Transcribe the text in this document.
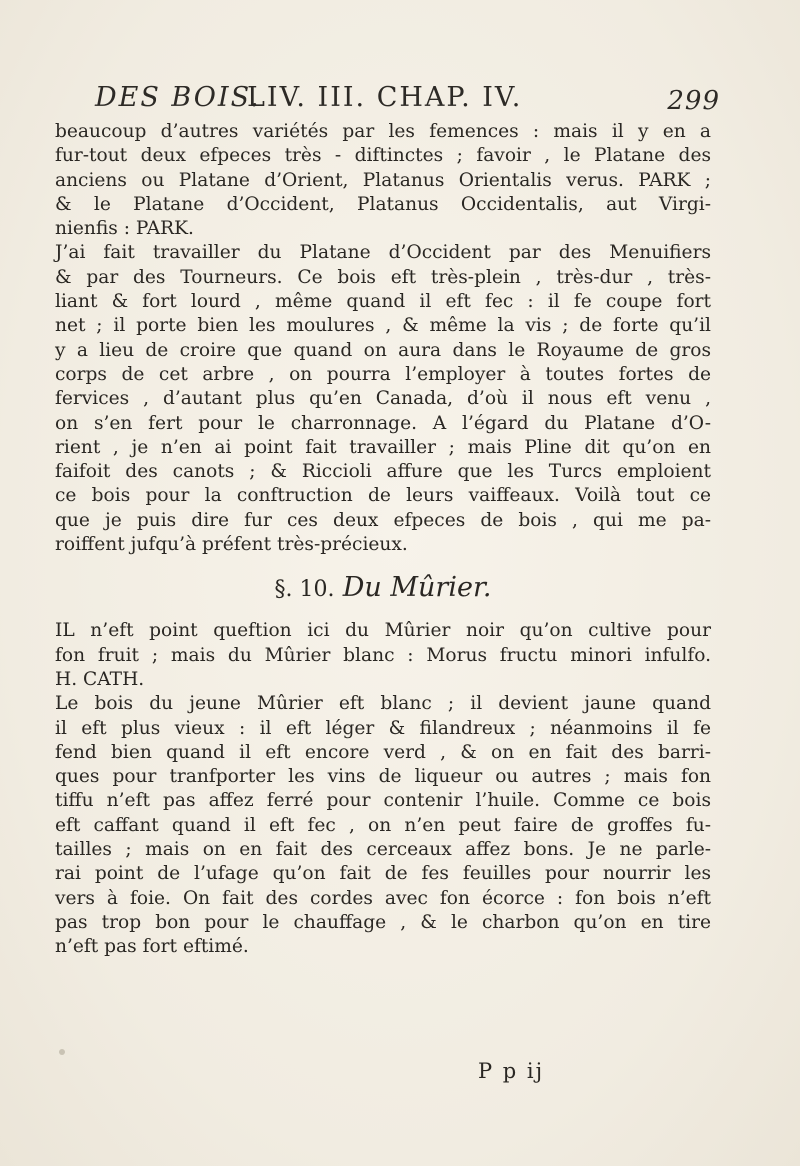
DES BOIS.
LIV. III. CHAP. IV.	299
beaucoup d’autres variétés par les femences : mais il y en a
fur-tout deux efpeces très - diftinctes ; favoir , le Platane des
anciens ou Platane d’Orient, Platanus Orientalis verus. PARK ;
& le Platane d’Occident, Platanus Occidentalis, aut Virgi-
nienfis : PARK.
J’ai fait travailler du Platane d’Occident par des Menuifiers
& par des Tourneurs. Ce bois eft très-plein , très-dur , très-
liant & fort lourd , même quand il eft fec : il fe coupe fort
net ; il porte bien les moulures , & même la vis ; de forte qu’il
y a lieu de croire que quand on aura dans le Royaume de gros
corps de cet arbre , on pourra l’employer à toutes fortes de
fervices , d’autant plus qu’en Canada, d’où il nous eft venu ,
on s’en fert pour le charronnage. A l’égard du Platane d’O-
rient , je n’en ai point fait travailler ; mais Pline dit qu’on en
faifoit des canots ; & Riccioli affure que les Turcs emploient
ce bois pour la conftruction de leurs vaiffeaux. Voilà tout ce
que je puis dire fur ces deux efpeces de bois , qui me pa-
roiffent jufqu’à préfent très-précieux.
§. 10. Du Mûrier.
IL n’eft point queftion ici du Mûrier noir qu’on cultive pour
fon fruit ; mais du Mûrier blanc : Morus fructu minori infulfo.
H. CATH.
Le bois du jeune Mûrier eft blanc ; il devient jaune quand
il eft plus vieux : il eft léger & filandreux ; néanmoins il fe
fend bien quand il eft encore verd , & on en fait des barri-
ques pour tranfporter les vins de liqueur ou autres ; mais fon
tiffu n’eft pas affez ferré pour contenir l’huile. Comme ce bois
eft caffant quand il eft fec , on n’en peut faire de groffes fu-
tailles ; mais on en fait des cerceaux affez bons. Je ne parle-
rai point de l’ufage qu’on fait de fes feuilles pour nourrir les
vers à foie. On fait des cordes avec fon écorce : fon bois n’eft
pas trop bon pour le chauffage , & le charbon qu’on en tire
n’eft pas fort eftimé.
P p ij
